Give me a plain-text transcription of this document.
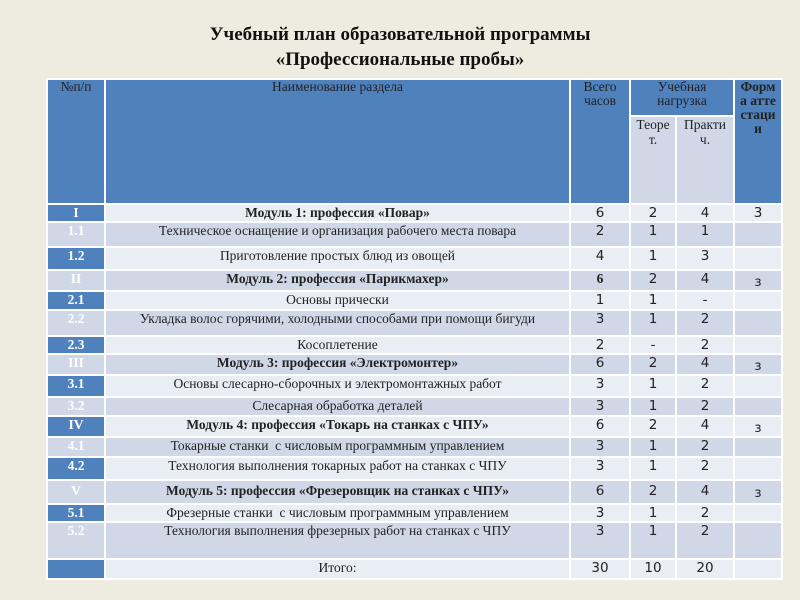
Учебный план образовательной программы
«Профессиональные пробы»
№п/п	Наименование раздела	Всего часов	Учебная нагрузка		Форма аттестации
			Теорет.	Практич.	
I	Модуль 1: профессия «Повар»	6	2	4	3
1.1	Техническое оснащение и организация рабочего места повара	2	1	1	
1.2	Приготовление простых блюд из овощей	4	1	3	
II	Модуль 2: профессия «Парикмахер»	6	2	4	з
2.1	Основы прически	1	1	-	
2.2	Укладка волос горячими, холодными способами при помощи бигуди	3	1	2	
2.3	Косоплетение	2	-	2	
III	Модуль 3: профессия «Электромонтер»	6	2	4	з
3.1	Основы слесарно-сборочных и электромонтажных работ	3	1	2	
3.2	Слесарная обработка деталей	3	1	2	
IV	Модуль 4: профессия «Токарь на станках с ЧПУ»	6	2	4	з
4.1	Токарные станки  с числовым программным управлением	3	1	2	
4.2	Технология выполнения токарных работ на станках с ЧПУ	3	1	2	
V	Модуль 5: профессия «Фрезеровщик на станках с ЧПУ»	6	2	4	з
5.1	Фрезерные станки  с числовым программным управлением	3	1	2	
5.2	Технология выполнения фрезерных работ на станках с ЧПУ	3	1	2	
	Итого:	30	10	20	
